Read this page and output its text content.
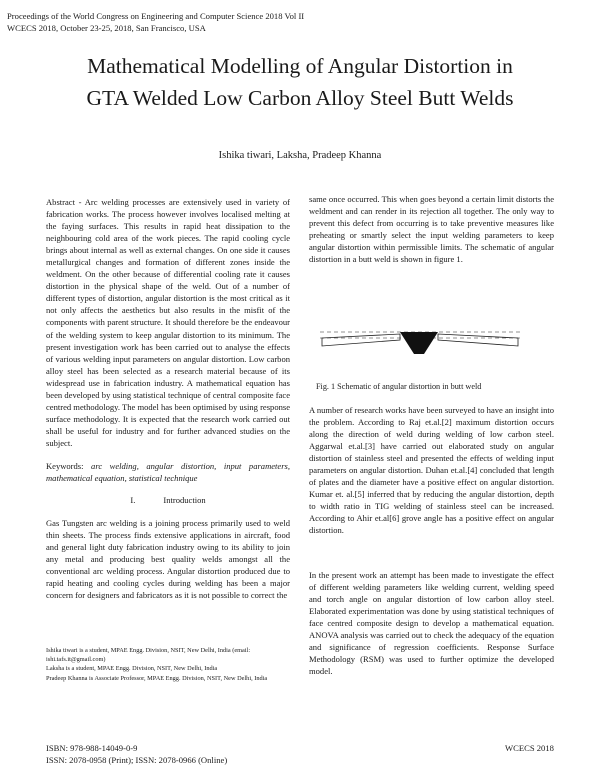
Proceedings of the World Congress on Engineering and Computer Science 2018 Vol II
WCECS 2018, October 23-25, 2018, San Francisco, USA
Mathematical Modelling of Angular Distortion in
GTA Welded Low Carbon Alloy Steel Butt Welds
Ishika tiwari, Laksha, Pradeep Khanna

Abstract - Arc welding processes are extensively used in variety of fabrication works. The process however involves localised melting at the faying surfaces. This results in rapid heat dissipation to the neighbouring cold area of the work pieces. The rapid cooling cycle brings about internal as well as external changes. On one side it causes metallurgical changes and formation of different zones inside the weldment. On the other because of differential cooling rate it causes distortion in the physical shape of the weld. Out of a number of different types of distortion, angular distortion is the most critical as it not only affects the aesthetics but also results in the misfit of the components with parent structure. It should therefore be the endeavour of the welding system to keep angular distortion to its minimum. The present investigation work has been carried out to analyse the effects of various welding input parameters on angular distortion. Low carbon alloy steel has been selected as a research material because of its widespread use in fabrication industry. A mathematical equation has been developed by using statistical technique of central composite face centred methodology. The model has been optimised by using response surface methodology. It is expected that the research work carried out shall be useful for industry and for further advanced studies on the subject.

Keywords: arc welding, angular distortion, input parameters, mathematical equation, statistical technique

I.	Introduction

Gas Tungsten arc welding is a joining process primarily used to weld thin sheets. The process finds extensive applications in aircraft, food and general light duty fabrication industry owing to its ability to join any metal and producing best quality welds amongst all the conventional arc welding process. Angular distortion produced due to rapid heating and cooling cycles during welding has been a major concern for designers and fabricators as it is not possible to correct the

Ishika tiwari is a student, MPAE Engg. Division, NSIT, New Delhi, India (email: ishi.tafs.it@gmail.com)

Laksha is a student, MPAE Engg. Division, NSIT, New Delhi, India

Pradeep Khanna is Associate Professor, MPAE Engg. Division, NSIT, New Delhi, India

same once occurred. This when goes beyond a certain limit distorts the weldment and can render in its rejection all together. The only way to prevent this defect from occurring is to take preventive measures like preheating or smartly select the input welding parameters to keep angular distortion within permissible limits. The schematic of angular distortion in a butt weld is shown in figure 1.

Fig. 1 Schematic of angular distortion in butt weld

A number of research works have been surveyed to have an insight into the problem. According to Raj et.al.[2] maximum distortion occurs along the direction of weld during welding of low carbon steel. Aggarwal et.al.[3] have carried out elaborated study on angular distortion of stainless steel and presented the effects of welding input parameters on angular distortion. Duhan et.al.[4] concluded that length of plates and the diameter have a positive effect on angular distortion. Kumar et. al.[5] inferred that by reducing the angular distortion, depth to width ratio in TIG welding of stainless steel can be increased. According to Ahir et.al[6] grove angle has a positive effect on angular distortion.

In the present work an attempt has been made to investigate the effect of different welding parameters like welding current, welding speed and torch angle on angular distortion of low carbon alloy steel. Elaborated experimentation was done by using statistical techniques of face centred composite design to develop a mathematical equation. ANOVA analysis was carried out to check the adequacy of the equation and significance of regression coefficients. Response Surface Methodology (RSM) was used to further optimize the developed model.

ISBN: 978-988-14049-0-9
ISSN: 2078-0958 (Print); ISSN: 2078-0966 (Online)
WCECS 2018
